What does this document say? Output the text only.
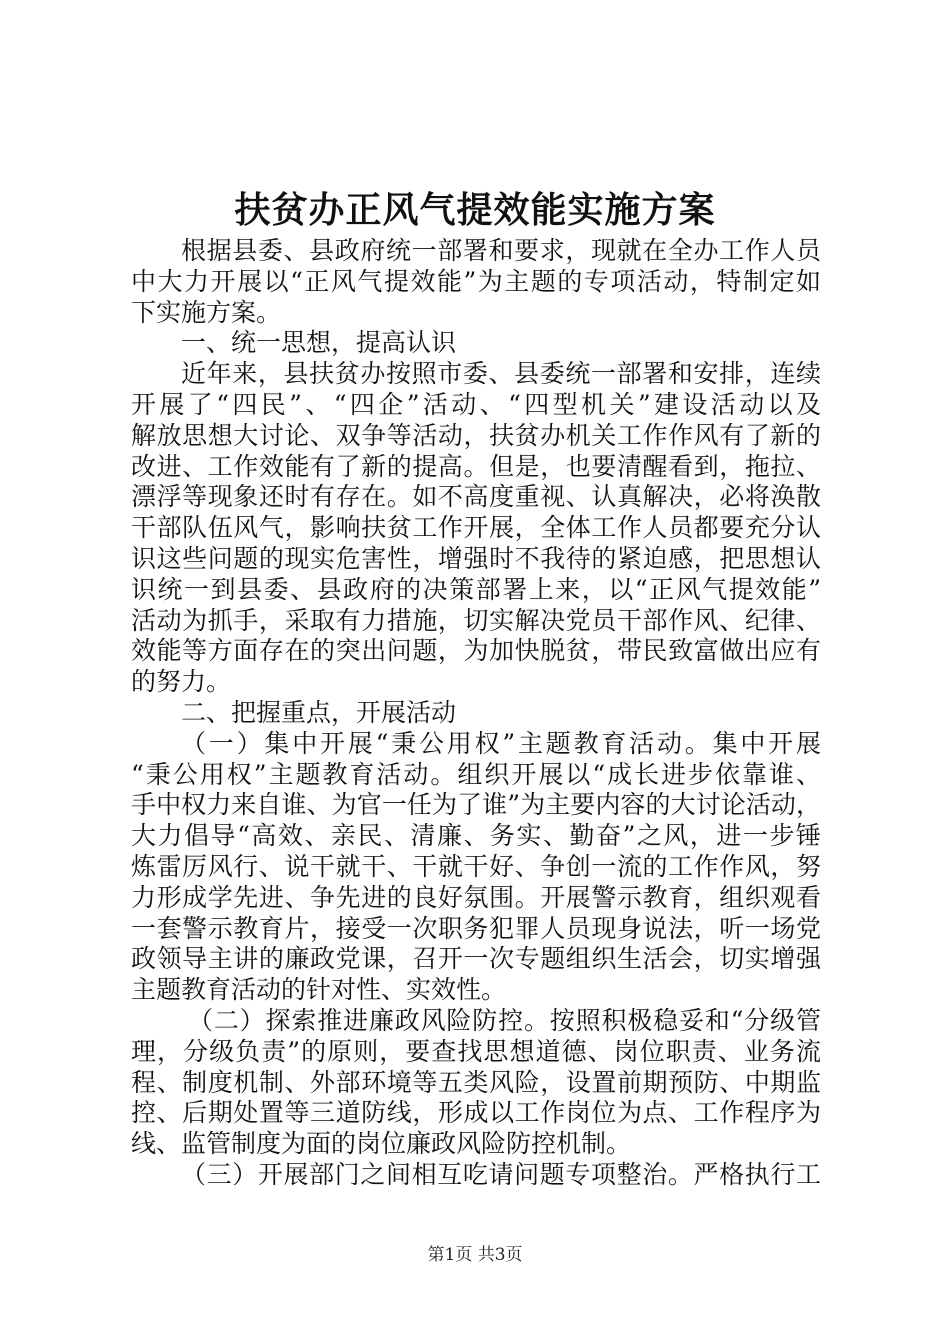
扶贫办正风气提效能实施方案
根据县委、县政府统一部署和要求，现就在全办工作人员
中大力开展以“正风气提效能”为主题的专项活动，特制定如
下实施方案。
一、统一思想，提高认识
近年来，县扶贫办按照市委、县委统一部署和安排，连续
开展了“四民”、“四企”活动、“四型机关”建设活动以及
解放思想大讨论、双争等活动，扶贫办机关工作作风有了新的
改进、工作效能有了新的提高。但是，也要清醒看到，拖拉、
漂浮等现象还时有存在。如不高度重视、认真解决，必将涣散
干部队伍风气，影响扶贫工作开展，全体工作人员都要充分认
识这些问题的现实危害性，增强时不我待的紧迫感，把思想认
识统一到县委、县政府的决策部署上来，以“正风气提效能”
活动为抓手，采取有力措施，切实解决党员干部作风、纪律、
效能等方面存在的突出问题，为加快脱贫，带民致富做出应有
的努力。
二、把握重点，开展活动
（一）集中开展“秉公用权”主题教育活动。集中开展
“秉公用权”主题教育活动。组织开展以“成长进步依靠谁、
手中权力来自谁、为官一任为了谁”为主要内容的大讨论活动，
大力倡导“高效、亲民、清廉、务实、勤奋”之风，进一步锤
炼雷厉风行、说干就干、干就干好、争创一流的工作作风，努
力形成学先进、争先进的良好氛围。开展警示教育，组织观看
一套警示教育片，接受一次职务犯罪人员现身说法，听一场党
政领导主讲的廉政党课，召开一次专题组织生活会，切实增强
主题教育活动的针对性、实效性。
（二）探索推进廉政风险防控。按照积极稳妥和“分级管
理，分级负责”的原则，要查找思想道德、岗位职责、业务流
程、制度机制、外部环境等五类风险，设置前期预防、中期监
控、后期处置等三道防线，形成以工作岗位为点、工作程序为
线、监管制度为面的岗位廉政风险防控机制。
（三）开展部门之间相互吃请问题专项整治。严格执行工
第1页 共3页
